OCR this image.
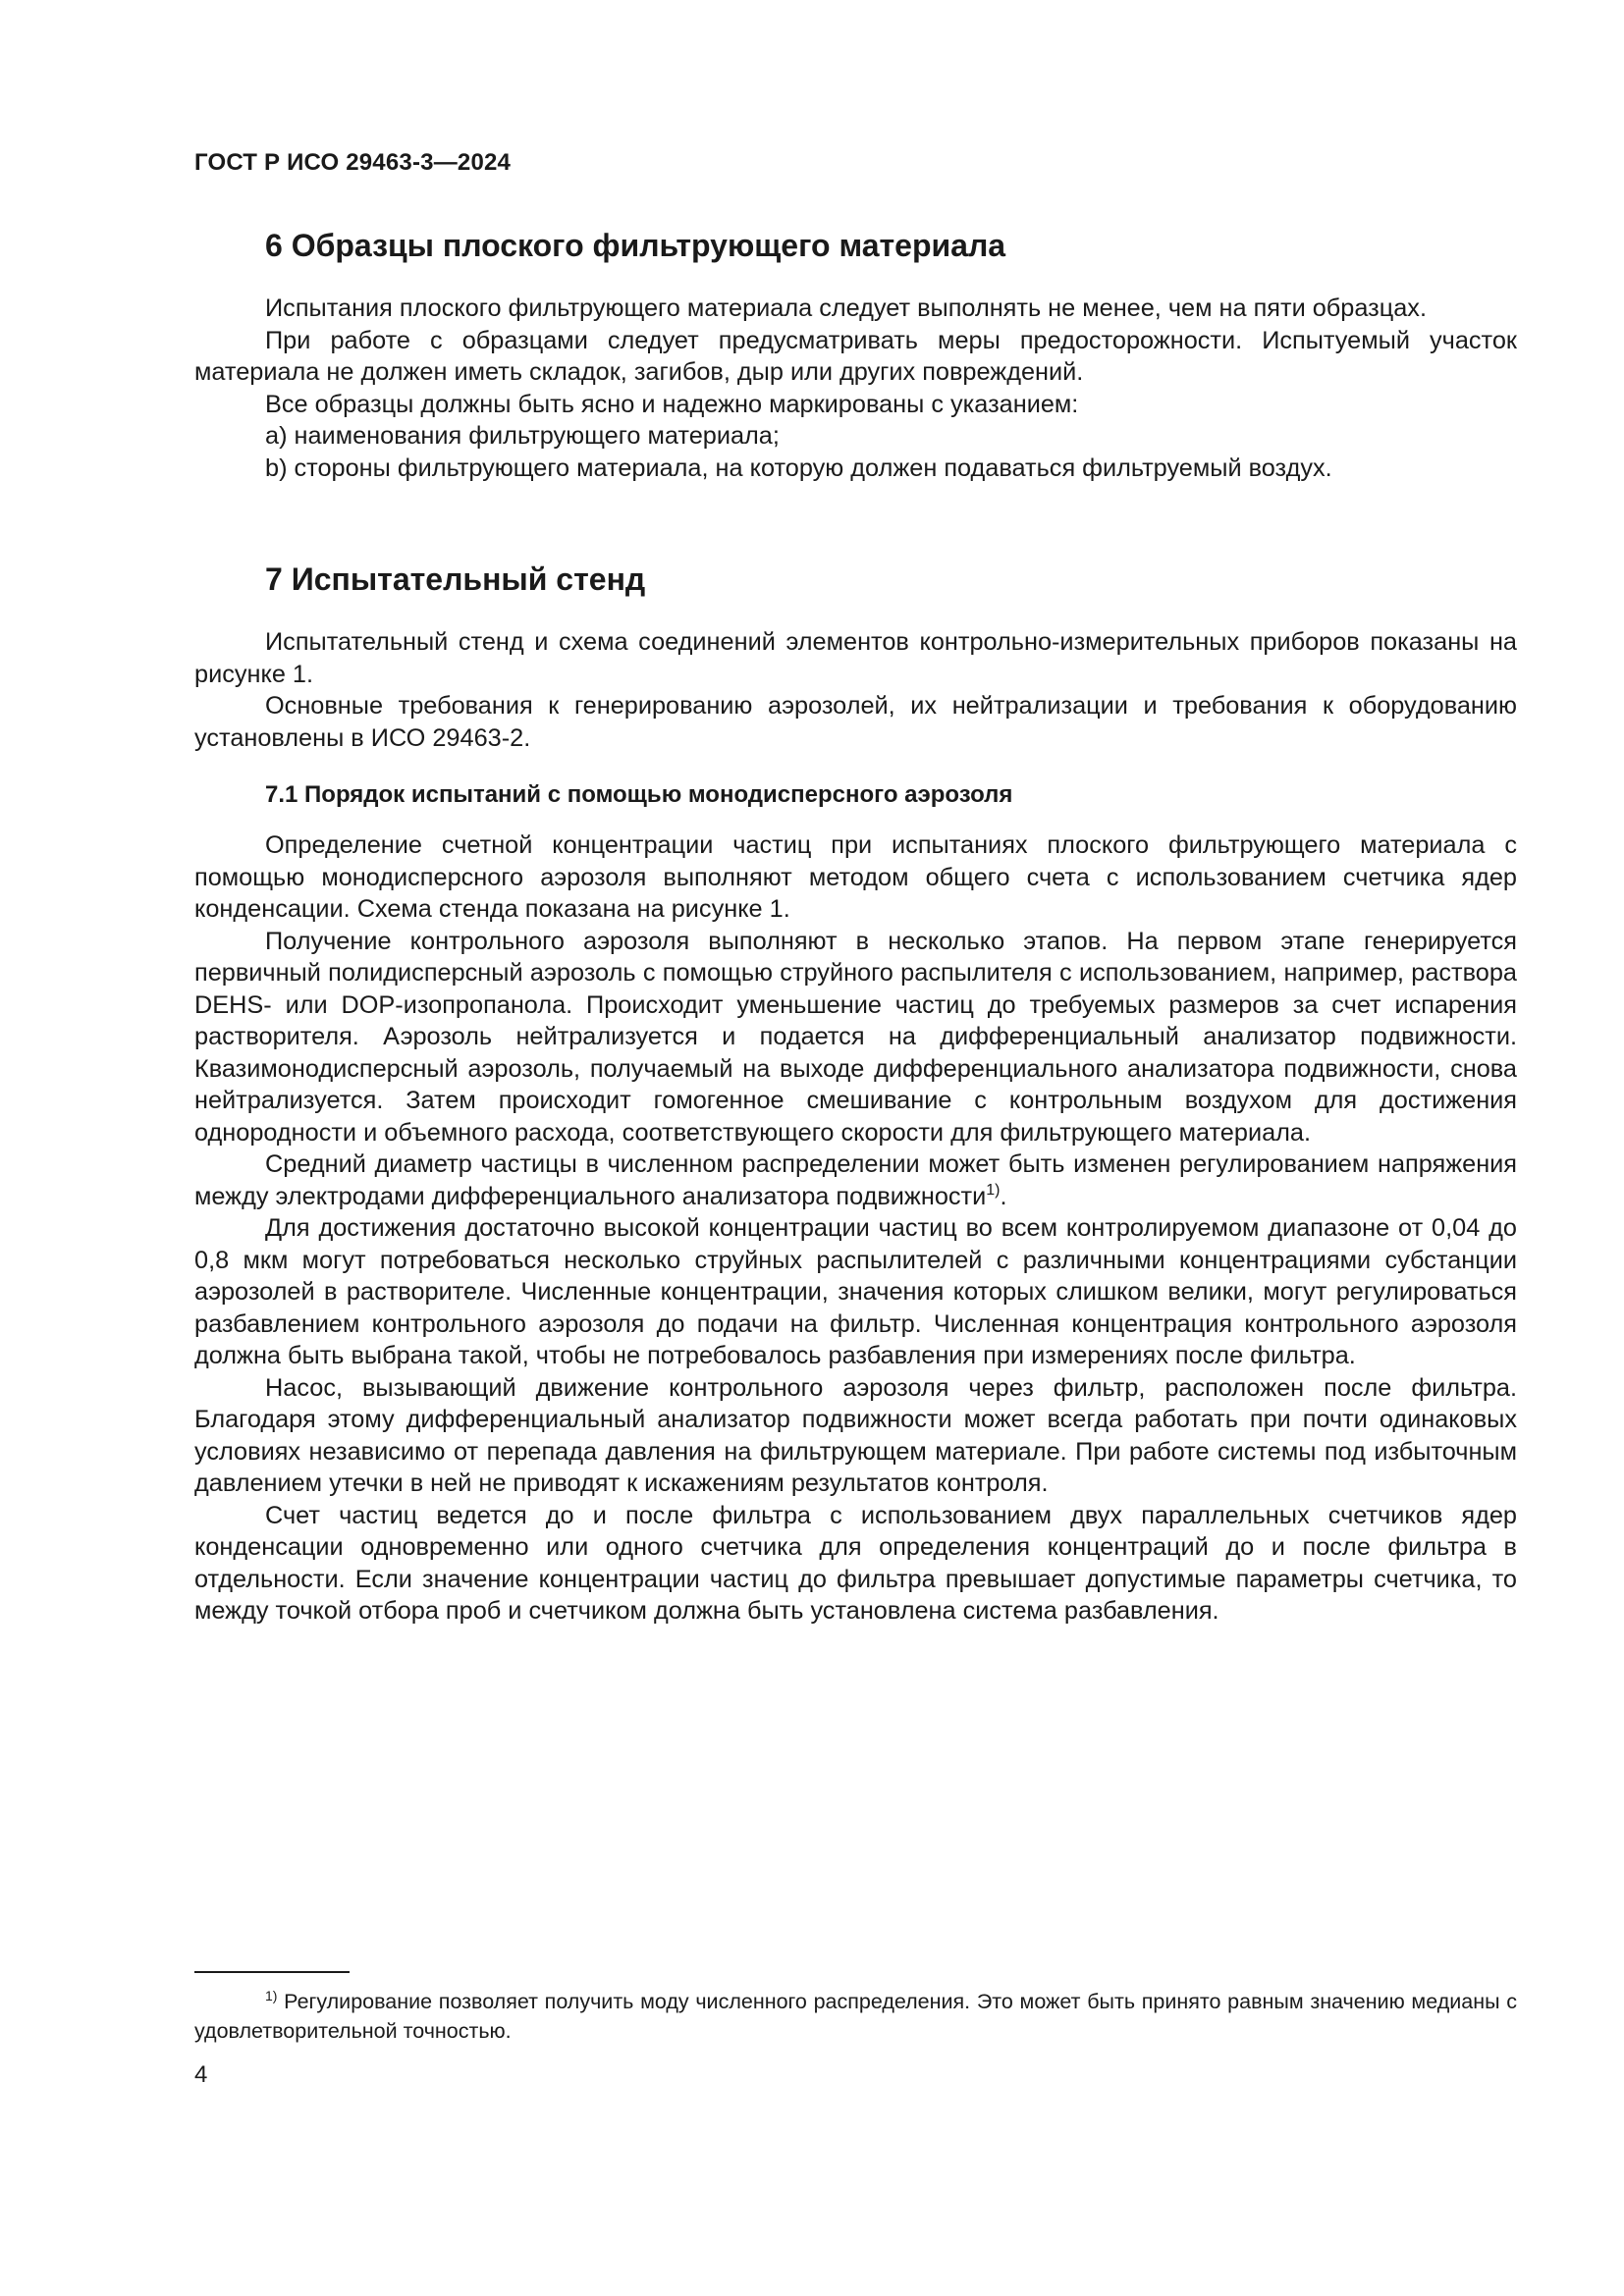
ГОСТ Р ИСО 29463-3—2024

6 Образцы плоского фильтрующего материала

Испытания плоского фильтрующего материала следует выполнять не менее, чем на пяти образцах.

При работе с образцами следует предусматривать меры предосторожности. Испытуемый участок материала не должен иметь складок, загибов, дыр или других повреждений.

Все образцы должны быть ясно и надежно маркированы с указанием:

a) наименования фильтрующего материала;

b) стороны фильтрующего материала, на которую должен подаваться фильтруемый воздух.

7 Испытательный стенд

Испытательный стенд и схема соединений элементов контрольно-измерительных приборов показаны на рисунке 1.

Основные требования к генерированию аэрозолей, их нейтрализации и требования к оборудованию установлены в ИСО 29463-2.

7.1 Порядок испытаний с помощью монодисперсного аэрозоля

Определение счетной концентрации частиц при испытаниях плоского фильтрующего материала с помощью монодисперсного аэрозоля выполняют методом общего счета с использованием счетчика ядер конденсации. Схема стенда показана на рисунке 1.

Получение контрольного аэрозоля выполняют в несколько этапов. На первом этапе генерируется первичный полидисперсный аэрозоль с помощью струйного распылителя с использованием, например, раствора DEHS- или DOP-изопропанола. Происходит уменьшение частиц до требуемых размеров за счет испарения растворителя. Аэрозоль нейтрализуется и подается на дифференциальный анализатор подвижности. Квазимонодисперсный аэрозоль, получаемый на выходе дифференциального анализатора подвижности, снова нейтрализуется. Затем происходит гомогенное смешивание с контрольным воздухом для достижения однородности и объемного расхода, соответствующего скорости для фильтрующего материала.

Средний диаметр частицы в численном распределении может быть изменен регулированием напряжения между электродами дифференциального анализатора подвижности$^{1)}$.

Для достижения достаточно высокой концентрации частиц во всем контролируемом диапазоне от 0,04 до 0,8 мкм могут потребоваться несколько струйных распылителей с различными концентрациями субстанции аэрозолей в растворителе. Численные концентрации, значения которых слишком велики, могут регулироваться разбавлением контрольного аэрозоля до подачи на фильтр. Численная концентрация контрольного аэрозоля должна быть выбрана такой, чтобы не потребовалось разбавления при измерениях после фильтра.

Насос, вызывающий движение контрольного аэрозоля через фильтр, расположен после фильтра. Благодаря этому дифференциальный анализатор подвижности может всегда работать при почти одинаковых условиях независимо от перепада давления на фильтрующем материале. При работе системы под избыточным давлением утечки в ней не приводят к искажениям результатов контроля.

Счет частиц ведется до и после фильтра с использованием двух параллельных счетчиков ядер конденсации одновременно или одного счетчика для определения концентраций до и после фильтра в отдельности. Если значение концентрации частиц до фильтра превышает допустимые параметры счетчика, то между точкой отбора проб и счетчиком должна быть установлена система разбавления.

$^{1)}$ Регулирование позволяет получить моду численного распределения. Это может быть принято равным значению медианы с удовлетворительной точностью.

4
